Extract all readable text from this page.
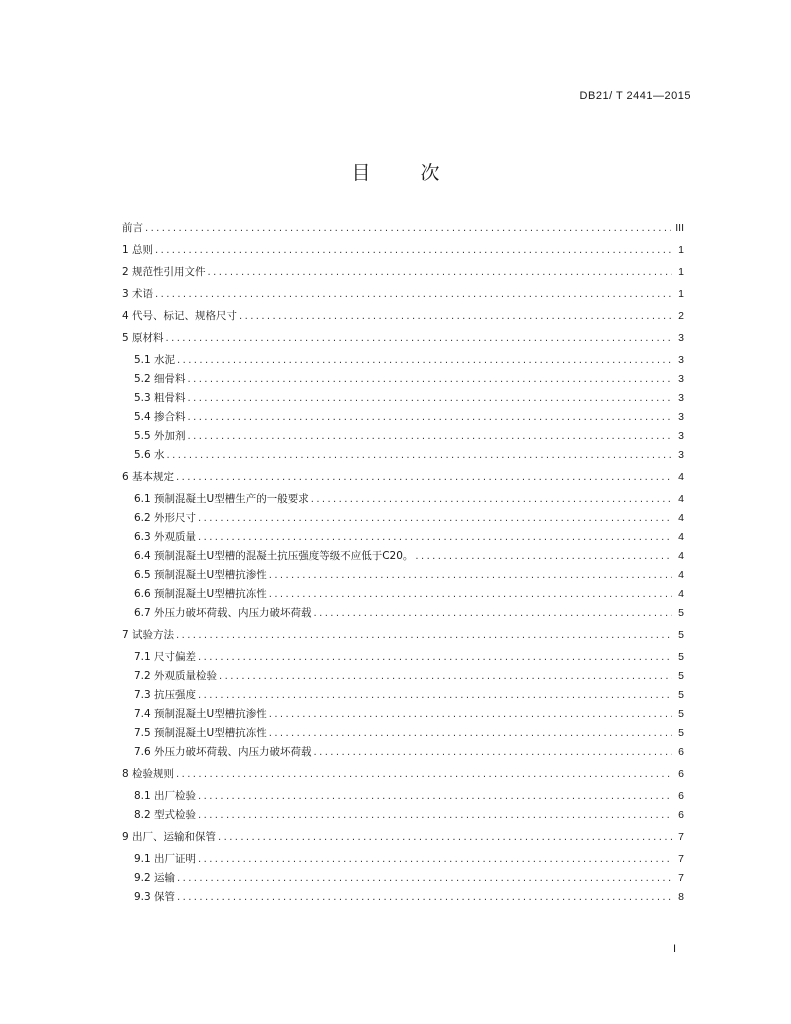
DB21/ T 2441—2015
目 次
前言 .....	III
1 总则 .....	1
2 规范性引用文件 .....	1
3 术语 .....	1
4 代号、标记、规格尺寸 .....	2
5 原材料 .....	3
5.1 水泥 .....	3
5.2 细骨料 .....	3
5.3 粗骨料 .....	3
5.4 掺合料 .....	3
5.5 外加剂 .....	3
5.6 水 .....	3
6 基本规定 .....	4
6.1 预制混凝土U型槽生产的一般要求 .....	4
6.2 外形尺寸 .....	4
6.3 外观质量 .....	4
6.4 预制混凝土U型槽的混凝土抗压强度等级不应低于C20。 .....	4
6.5 预制混凝土U型槽抗渗性 .....	4
6.6 预制混凝土U型槽抗冻性 .....	4
6.7 外压力破坏荷载、内压力破坏荷载 .....	5
7 试验方法 .....	5
7.1 尺寸偏差 .....	5
7.2 外观质量检验 .....	5
7.3 抗压强度 .....	5
7.4 预制混凝土U型槽抗渗性 .....	5
7.5 预制混凝土U型槽抗冻性 .....	5
7.6 外压力破坏荷载、内压力破坏荷载 .....	6
8 检验规则 .....	6
8.1 出厂检验 .....	6
8.2 型式检验 .....	6
9 出厂、运输和保管 .....	7
9.1 出厂证明 .....	7
9.2 运输 .....	7
9.3 保管 .....	8
I
